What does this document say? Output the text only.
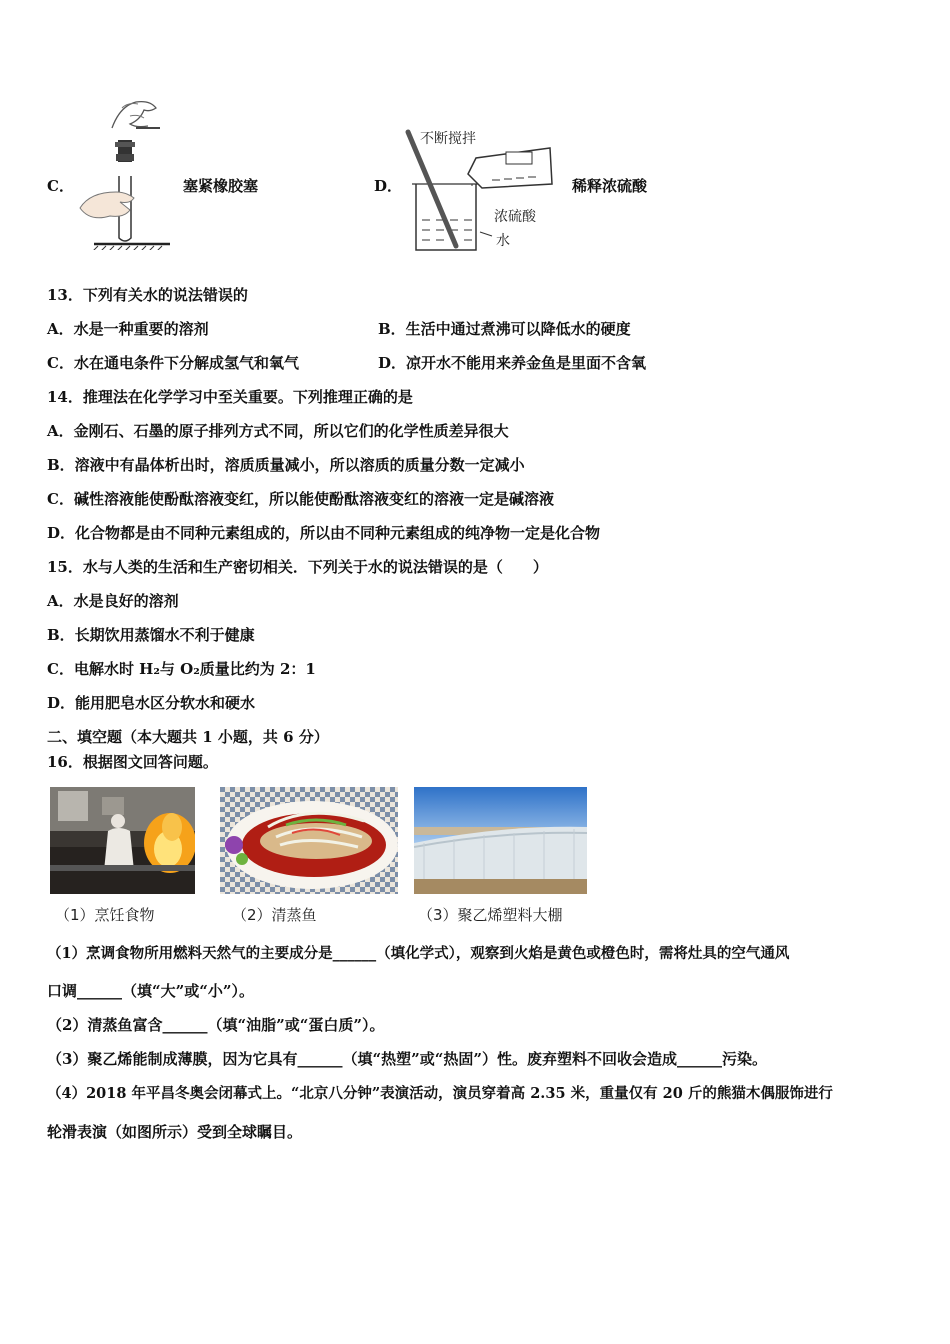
C．	塞紧橡胶塞	D．
不断搅拌
浓硫酸
水
稀释浓硫酸
13．下列有关水的说法错误的
A．水是一种重要的溶剂	B．生活中通过煮沸可以降低水的硬度
C．水在通电条件下分解成氢气和氧气	D．凉开水不能用来养金鱼是里面不含氧
14．推理法在化学学习中至关重要。下列推理正确的是
A．金刚石、石墨的原子排列方式不同，所以它们的化学性质差异很大
B．溶液中有晶体析出时，溶质质量减小，所以溶质的质量分数一定减小
C．碱性溶液能使酚酞溶液变红，所以能使酚酞溶液变红的溶液一定是碱溶液
D．化合物都是由不同种元素组成的，所以由不同种元素组成的纯净物一定是化合物
15．水与人类的生活和生产密切相关．下列关于水的说法错误的是（　　）
A．水是良好的溶剂
B．长期饮用蒸馏水不利于健康
C．电解水时 H₂与 O₂质量比约为 2：1
D．能用肥皂水区分软水和硬水
二、填空题（本大题共 1 小题，共 6 分）
16．根据图文回答问题。
（1）烹饪食物	（2）清蒸鱼	（3）聚乙烯塑料大棚
（1）烹调食物所用燃料天然气的主要成分是______（填化学式），观察到火焰是黄色或橙色时，需将灶具的空气通风
口调______（填“大”或“小”）。
（2）清蒸鱼富含______（填“油脂”或“蛋白质”）。
（3）聚乙烯能制成薄膜，因为它具有______（填“热塑”或“热固”）性。废弃塑料不回收会造成______污染。
（4）2018 年平昌冬奥会闭幕式上。“北京八分钟”表演活动，演员穿着高 2.35 米，重量仅有 20 斤的熊猫木偶服饰进行
轮滑表演（如图所示）受到全球瞩目。
